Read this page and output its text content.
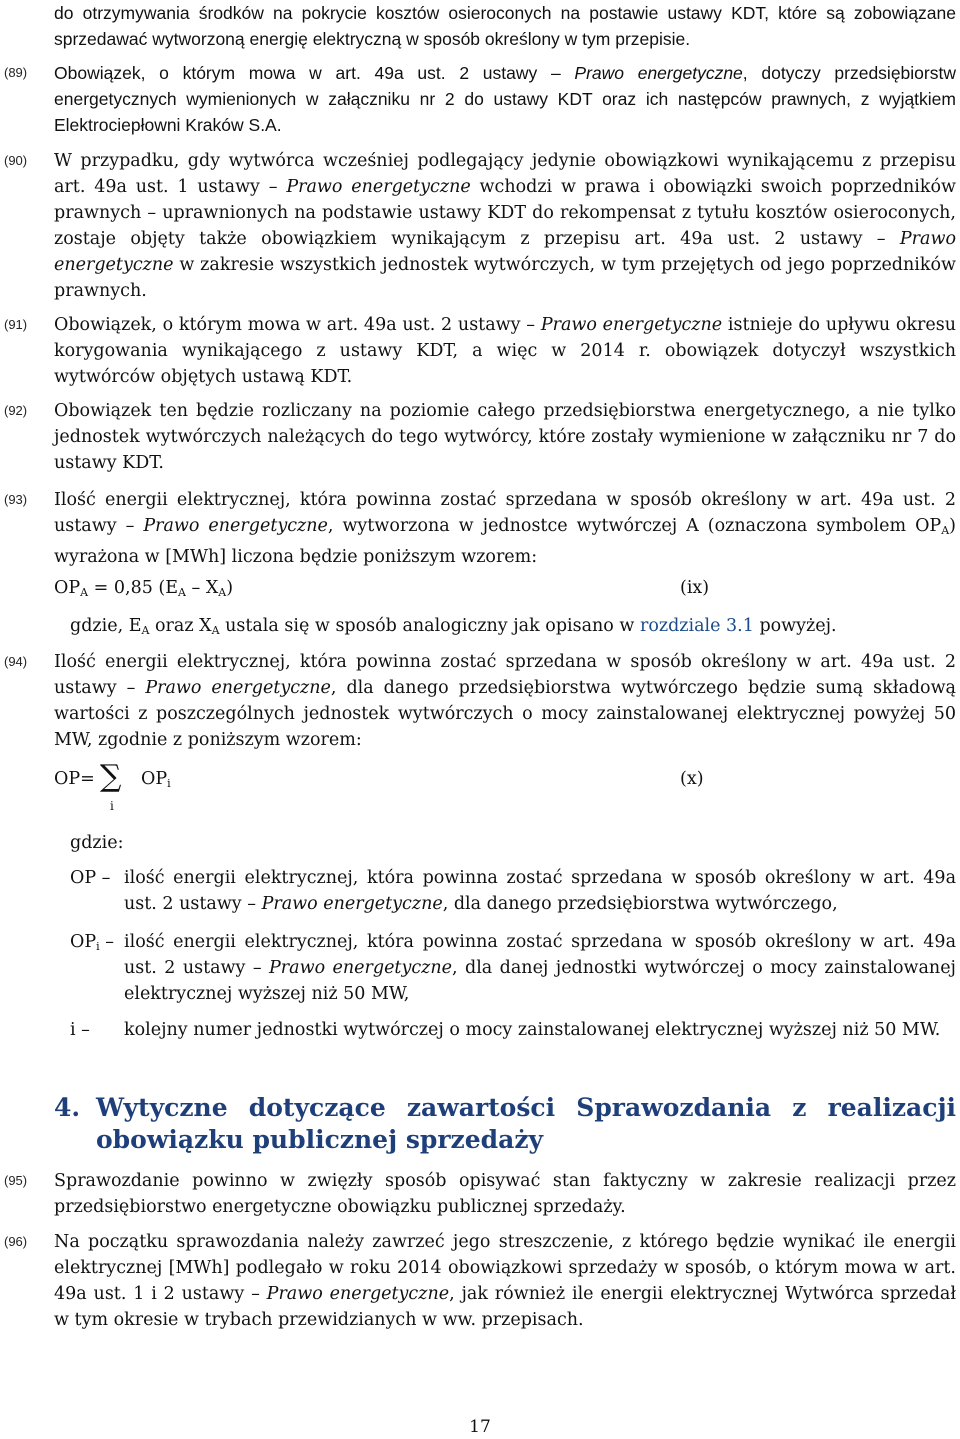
do otrzymywania środków na pokrycie kosztów osieroconych na postawie ustawy KDT, które są zobowiązane sprzedawać wytworzoną energię elektryczną w sposób określony w tym przepisie.
(89) Obowiązek, o którym mowa w art. 49a ust. 2 ustawy – Prawo energetyczne, dotyczy przedsiębiorstw energetycznych wymienionych w załączniku nr 2 do ustawy KDT oraz ich następców prawnych, z wyjątkiem Elektrociepłowni Kraków S.A.
(90) W przypadku, gdy wytwórca wcześniej podlegający jedynie obowiązkowi wynikającemu z przepisu art. 49a ust. 1 ustawy – Prawo energetyczne wchodzi w prawa i obowiązki swoich poprzedników prawnych – uprawnionych na podstawie ustawy KDT do rekompensat z tytułu kosztów osieroconych, zostaje objęty także obowiązkiem wynikającym z przepisu art. 49a ust. 2 ustawy – Prawo energetyczne w zakresie wszystkich jednostek wytwórczych, w tym przejętych od jego poprzedników prawnych.
(91) Obowiązek, o którym mowa w art. 49a ust. 2 ustawy – Prawo energetyczne istnieje do upływu okresu korygowania wynikającego z ustawy KDT, a więc w 2014 r. obowiązek dotyczył wszystkich wytwórców objętych ustawą KDT.
(92) Obowiązek ten będzie rozliczany na poziomie całego przedsiębiorstwa energetycznego, a nie tylko jednostek wytwórczych należących do tego wytwórcy, które zostały wymienione w załączniku nr 7 do ustawy KDT.
(93) Ilość energii elektrycznej, która powinna zostać sprzedana w sposób określony w art. 49a ust. 2 ustawy – Prawo energetyczne, wytworzona w jednostce wytwórczej A (oznaczona symbolem $OP_A$) wyrażona w [MWh] liczona będzie poniższym wzorem:
$OP_A = 0,85$ $(E_A - X_A)$	(ix)
gdzie, $E_A$ oraz $X_A$ ustala się w sposób analogiczny jak opisano w rozdziale 3.1 powyżej.
(94) Ilość energii elektrycznej, która powinna zostać sprzedana w sposób określony w art. 49a ust. 2 ustawy – Prawo energetyczne, dla danego przedsiębiorstwa wytwórczego będzie sumą składową wartości z poszczególnych jednostek wytwórczych o mocy zainstalowanej elektrycznej powyżej 50 MW, zgodnie z poniższym wzorem:
OP= ∑
i
$OP_i$	(x)
gdzie:
OP – ilość energii elektrycznej, która powinna zostać sprzedana w sposób określony w art. 49a ust. 2 ustawy – Prawo energetyczne, dla danego przedsiębiorstwa wytwórczego,
$OP_i$ – ilość energii elektrycznej, która powinna zostać sprzedana w sposób określony w art. 49a ust. 2 ustawy – Prawo energetyczne, dla danej jednostki wytwórczej o mocy zainstalowanej elektrycznej wyższej niż 50 MW,
i – kolejny numer jednostki wytwórczej o mocy zainstalowanej elektrycznej wyższej niż 50 MW.
4. Wytyczne dotyczące zawartości Sprawozdania z realizacji obowiązku publicznej sprzedaży
(95) Sprawozdanie powinno w zwięzły sposób opisywać stan faktyczny w zakresie realizacji przez przedsiębiorstwo energetyczne obowiązku publicznej sprzedaży.
(96) Na początku sprawozdania należy zawrzeć jego streszczenie, z którego będzie wynikać ile energii elektrycznej [MWh] podlegało w roku 2014 obowiązkowi sprzedaży w sposób, o którym mowa w art. 49a ust. 1 i 2 ustawy – Prawo energetyczne, jak również ile energii elektrycznej Wytwórca sprzedał w tym okresie w trybach przewidzianych w ww. przepisach.
17
